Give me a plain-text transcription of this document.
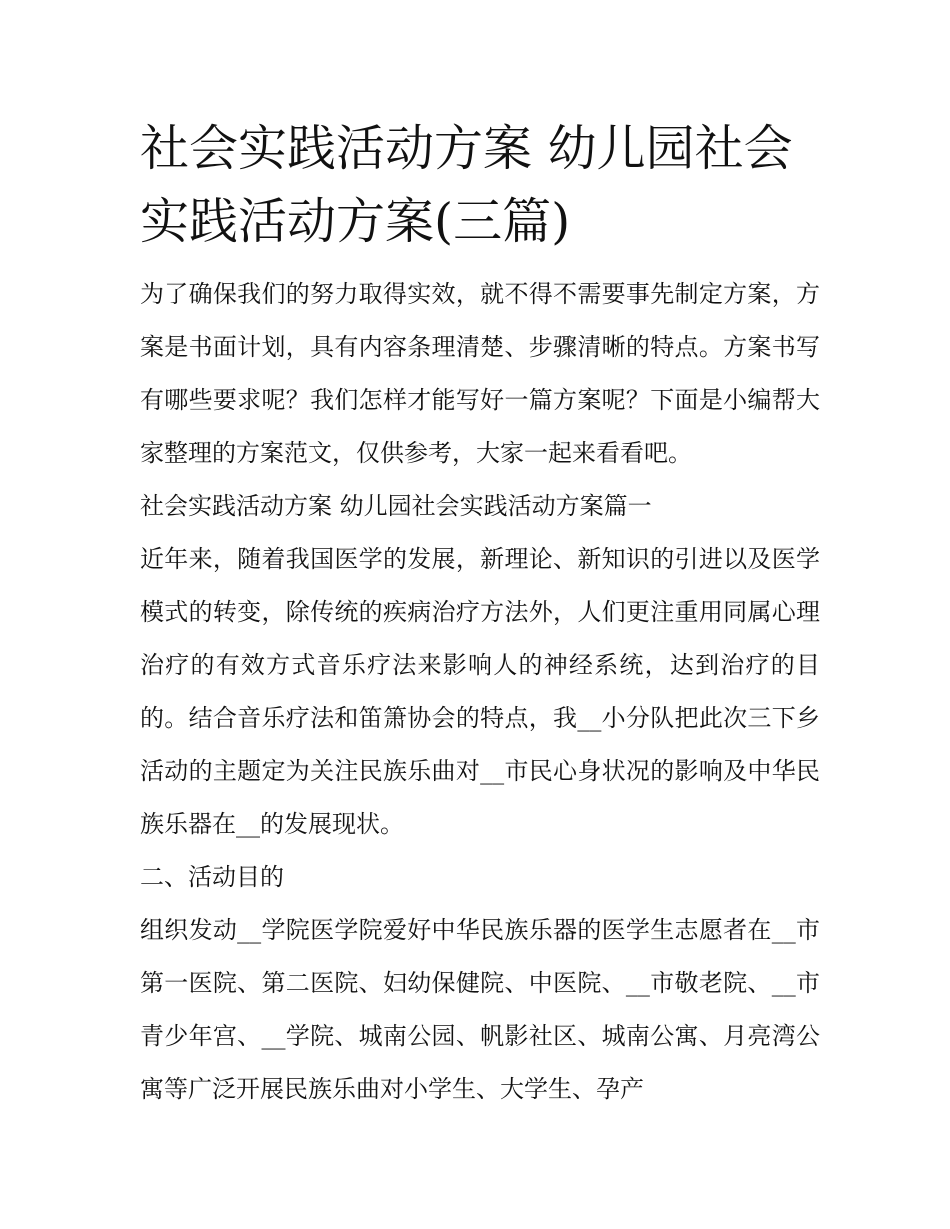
社会实践活动方案 幼儿园社会实践活动方案(三篇)

为了确保我们的努力取得实效，就不得不需要事先制定方案，方案是书面计划，具有内容条理清楚、步骤清晰的特点。方案书写有哪些要求呢？我们怎样才能写好一篇方案呢？下面是小编帮大家整理的方案范文，仅供参考，大家一起来看看吧。

社会实践活动方案 幼儿园社会实践活动方案篇一

近年来，随着我国医学的发展，新理论、新知识的引进以及医学模式的转变，除传统的疾病治疗方法外，人们更注重用同属心理治疗的有效方式音乐疗法来影响人的神经系统，达到治疗的目的。结合音乐疗法和笛箫协会的特点，我__小分队把此次三下乡活动的主题定为关注民族乐曲对__市民心身状况的影响及中华民族乐器在__的发展现状。

二、活动目的

组织发动__学院医学院爱好中华民族乐器的医学生志愿者在__市第一医院、第二医院、妇幼保健院、中医院、__市敬老院、__市青少年宫、__学院、城南公园、帆影社区、城南公寓、月亮湾公寓等广泛开展民族乐曲对小学生、大学生、孕产
